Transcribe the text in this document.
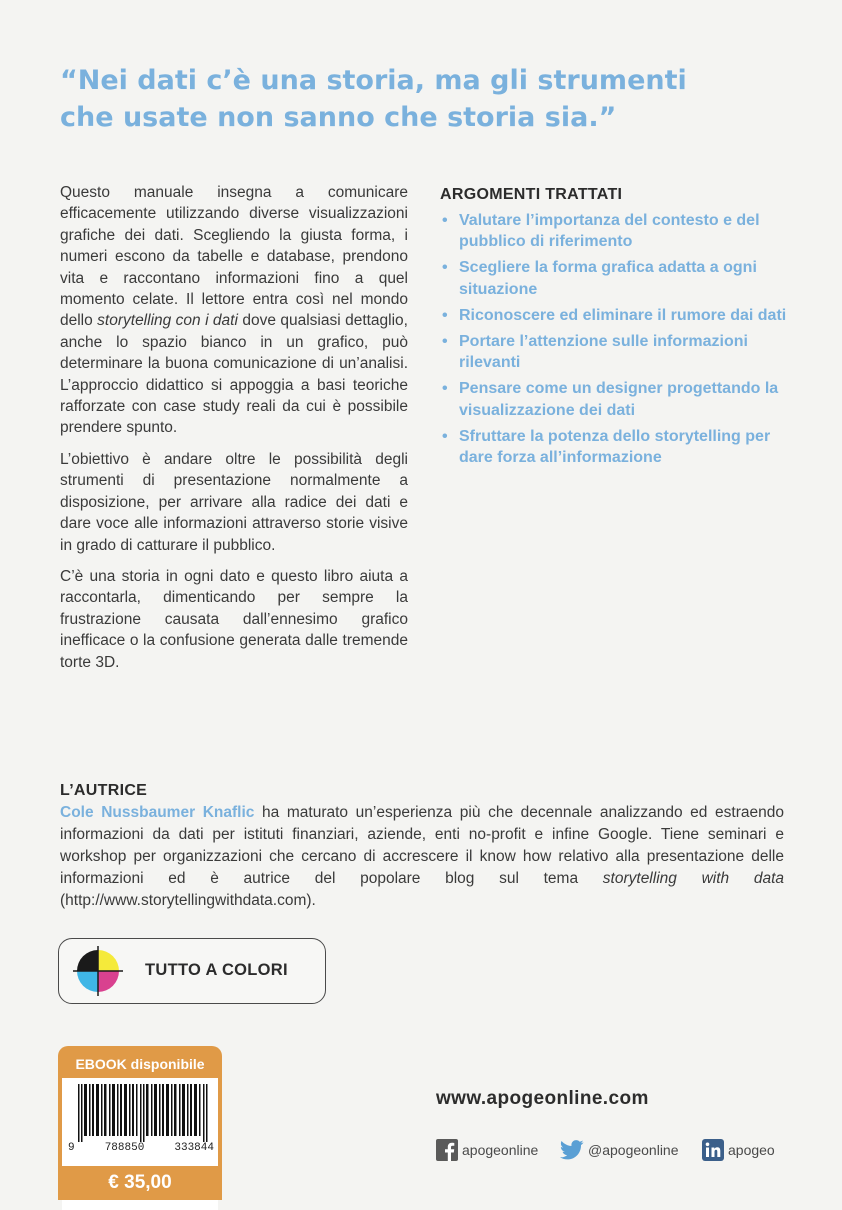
“Nei dati c’è una storia, ma gli strumenti
che usate non sanno che storia sia.”

Questo manuale insegna a comunicare efficacemente utilizzando diverse visualizzazioni grafiche dei dati. Scegliendo la giusta forma, i numeri escono da tabelle e database, prendono vita e raccontano informazioni fino a quel momento celate. Il lettore entra così nel mondo dello storytelling con i dati dove qualsiasi dettaglio, anche lo spazio bianco in un grafico, può determinare la buona comunicazione di un’analisi. L’approccio didattico si appoggia a basi teoriche rafforzate con case study reali da cui è possibile prendere spunto.

L’obiettivo è andare oltre le possibilità degli strumenti di presentazione normalmente a disposizione, per arrivare alla radice dei dati e dare voce alle informazioni attraverso storie visive in grado di catturare il pubblico.

C’è una storia in ogni dato e questo libro aiuta a raccontarla, dimenticando per sempre la frustrazione causata dall’ennesimo grafico inefficace o la confusione generata dalle tremende torte 3D.

ARGOMENTI TRATTATI
• Valutare l’importanza del contesto e del pubblico di riferimento
• Scegliere la forma grafica adatta a ogni situazione
• Riconoscere ed eliminare il rumore dai dati
• Portare l’attenzione sulle informazioni rilevanti
• Pensare come un designer progettando la visualizzazione dei dati
• Sfruttare la potenza dello storytelling per dare forza all’informazione
L’AUTRICE
Cole Nussbaumer Knaflic ha maturato un’esperienza più che decennale analizzando ed estraendo informazioni da dati per istituti finanziari, aziende, enti no-profit e infine Google. Tiene seminari e workshop per organizzazioni che cercano di accrescere il know how relativo alla presentazione delle informazioni ed è autrice del popolare blog sul tema storytelling with data (http://www.storytellingwithdata.com).
TUTTO A COLORI
EBOOK disponibile
9	788850	333844
€ 35,00
www.apogeonline.com
apogeonline	@apogeonline	apogeo
